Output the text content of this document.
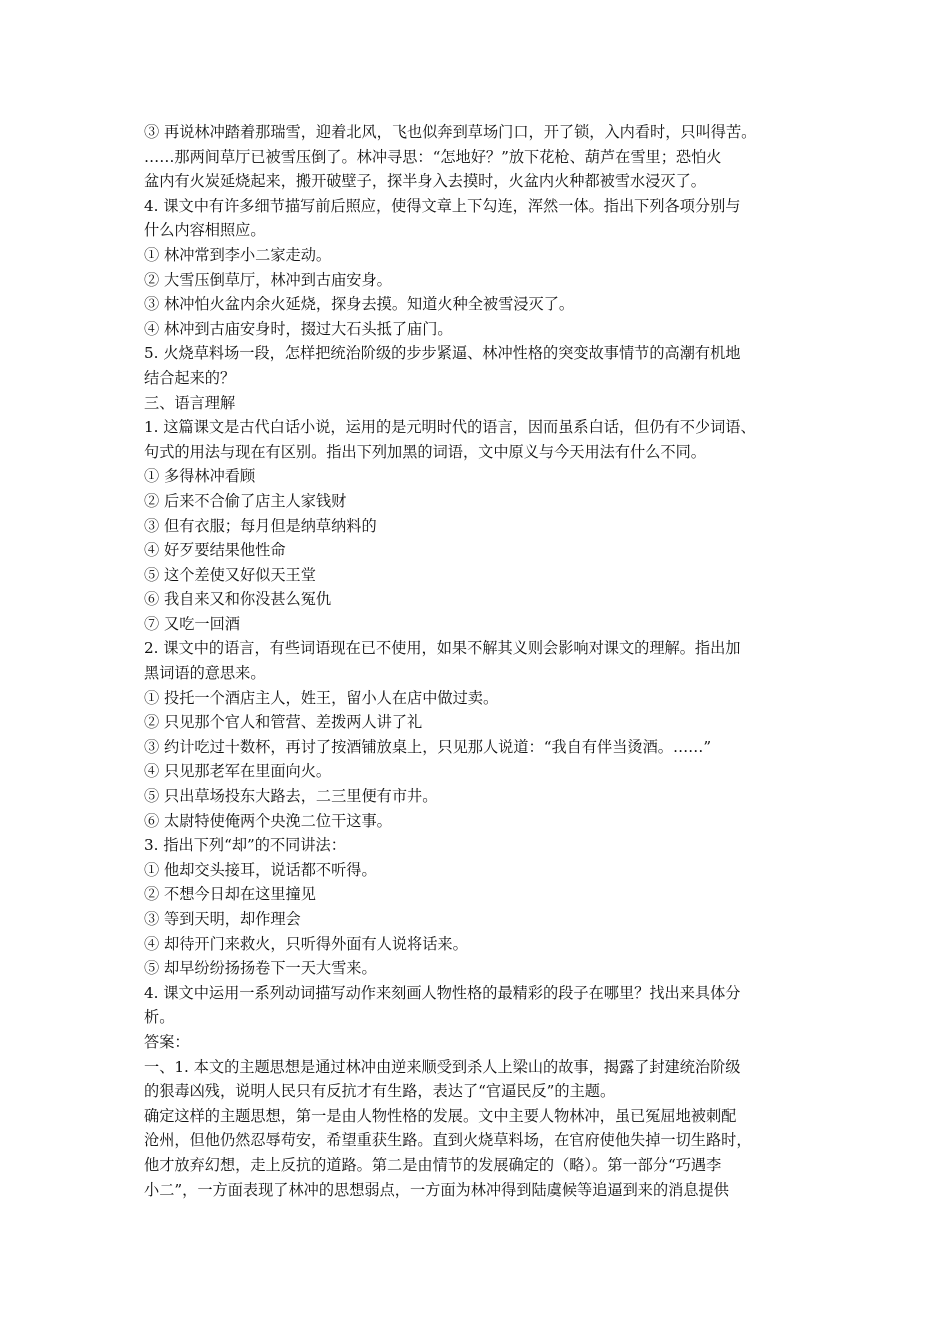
③ 再说林冲踏着那瑞雪，迎着北风，飞也似奔到草场门口，开了锁，入内看时，只叫得苦。
……那两间草厅已被雪压倒了。林冲寻思：“怎地好？”放下花枪、葫芦在雪里；恐怕火
盆内有火炭延烧起来，搬开破壁子，探半身入去摸时，火盆内火种都被雪水浸灭了。
4. 课文中有许多细节描写前后照应，使得文章上下勾连，浑然一体。指出下列各项分别与
什么内容相照应。
① 林冲常到李小二家走动。
② 大雪压倒草厅，林冲到古庙安身。
③ 林冲怕火盆内余火延烧，探身去摸。知道火种全被雪浸灭了。
④ 林冲到古庙安身时，掇过大石头抵了庙门。
5. 火烧草料场一段，怎样把统治阶级的步步紧逼、林冲性格的突变故事情节的高潮有机地
结合起来的？
三、语言理解
1. 这篇课文是古代白话小说，运用的是元明时代的语言，因而虽系白话，但仍有不少词语、
句式的用法与现在有区别。指出下列加黑的词语，文中原义与今天用法有什么不同。
① 多得林冲看顾
② 后来不合偷了店主人家钱财
③ 但有衣服；每月但是纳草纳料的
④ 好歹要结果他性命
⑤ 这个差使又好似天王堂
⑥ 我自来又和你没甚么冤仇
⑦ 又吃一回酒
2. 课文中的语言，有些词语现在已不使用，如果不解其义则会影响对课文的理解。指出加
黑词语的意思来。
① 投托一个酒店主人，姓王，留小人在店中做过卖。
② 只见那个官人和管营、差拨两人讲了礼
③ 约计吃过十数杯，再讨了按酒铺放桌上，只见那人说道：“我自有伴当烫酒。……”
④ 只见那老军在里面向火。
⑤ 只出草场投东大路去，二三里便有市井。
⑥ 太尉特使俺两个央浼二位干这事。
3. 指出下列“却”的不同讲法：
① 他却交头接耳，说话都不听得。
② 不想今日却在这里撞见
③ 等到天明，却作理会
④ 却待开门来救火，只听得外面有人说将话来。
⑤ 却早纷纷扬扬卷下一天大雪来。
4. 课文中运用一系列动词描写动作来刻画人物性格的最精彩的段子在哪里？找出来具体分
析。
答案：
一、1. 本文的主题思想是通过林冲由逆来顺受到杀人上梁山的故事，揭露了封建统治阶级
的狠毒凶残，说明人民只有反抗才有生路，表达了“官逼民反”的主题。
确定这样的主题思想，第一是由人物性格的发展。文中主要人物林冲，虽已冤屈地被刺配
沧州，但他仍然忍辱苟安，希望重获生路。直到火烧草料场，在官府使他失掉一切生路时，
他才放弃幻想，走上反抗的道路。第二是由情节的发展确定的（略）。第一部分“巧遇李
小二”，一方面表现了林冲的思想弱点，一方面为林冲得到陆虞候等追逼到来的消息提供
